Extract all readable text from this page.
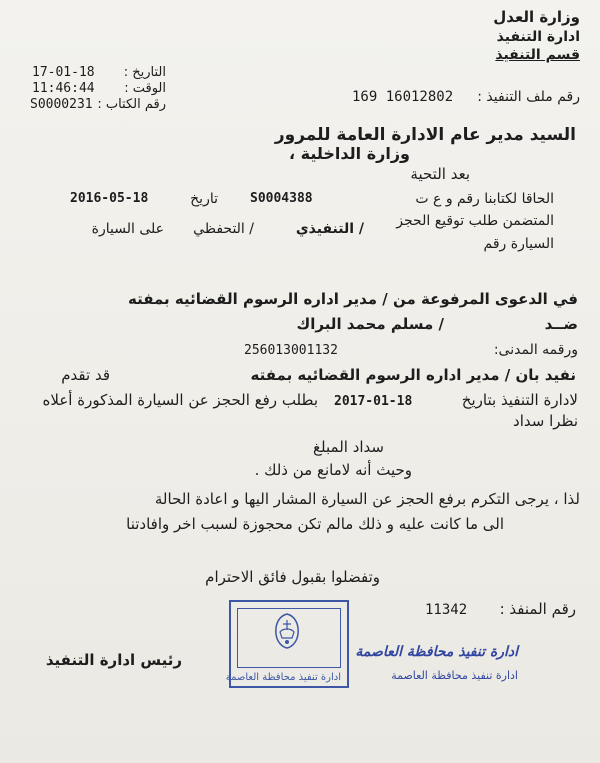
وزارة العدل
ادارة التنفيذ
قسم التنفيذ
التاريخ :
17-01-18
الوقت :
11:46:44
رقم الكتاب :
S0000231	رقم ملف التنفيذ :
169 16012802
السيد مدير عام الادارة العامة للمرور
وزارة الداخلية ،
بعد التحية
الحاقا لكتابنا رقم و ع ت
S0004388
تاريخ
2016-05-18
المتضمن طلب توقيع الحجز
/ التحفظي	/ التنفيذي
على السيارة
السيارة رقم
في الدعوى المرفوعة من / مدير اداره الرسوم القضائيه بمفته
ضــد
/ مسلم محمد البراك
ورقمه المدنى:
256013001132
نفيد بان / مدير اداره الرسوم القضائيه بمفته
قد تقدم
لادارة التنفيذ بتاريخ
2017-01-18
بطلب رفع الحجز عن السيارة المذكورة أعلاه
نظرا سداد
سداد المبلغ
وحيث أنه لامانع من ذلك .
لذا ، يرجى التكرم برفع الحجز عن السيارة المشار اليها و اعادة الحالة
الى ما كانت عليه و ذلك مالم تكن محجوزة لسبب اخر وافادتنا
وتفضلوا بقبول فائق الاحترام
رقم المنفذ :
11342
رئيس ادارة التنفيذ
ادارة تنفيذ محافظة العاصمة
ادارة تنفيذ محافظة العاصمة
ادارة تنفيذ محافظة العاصمة
